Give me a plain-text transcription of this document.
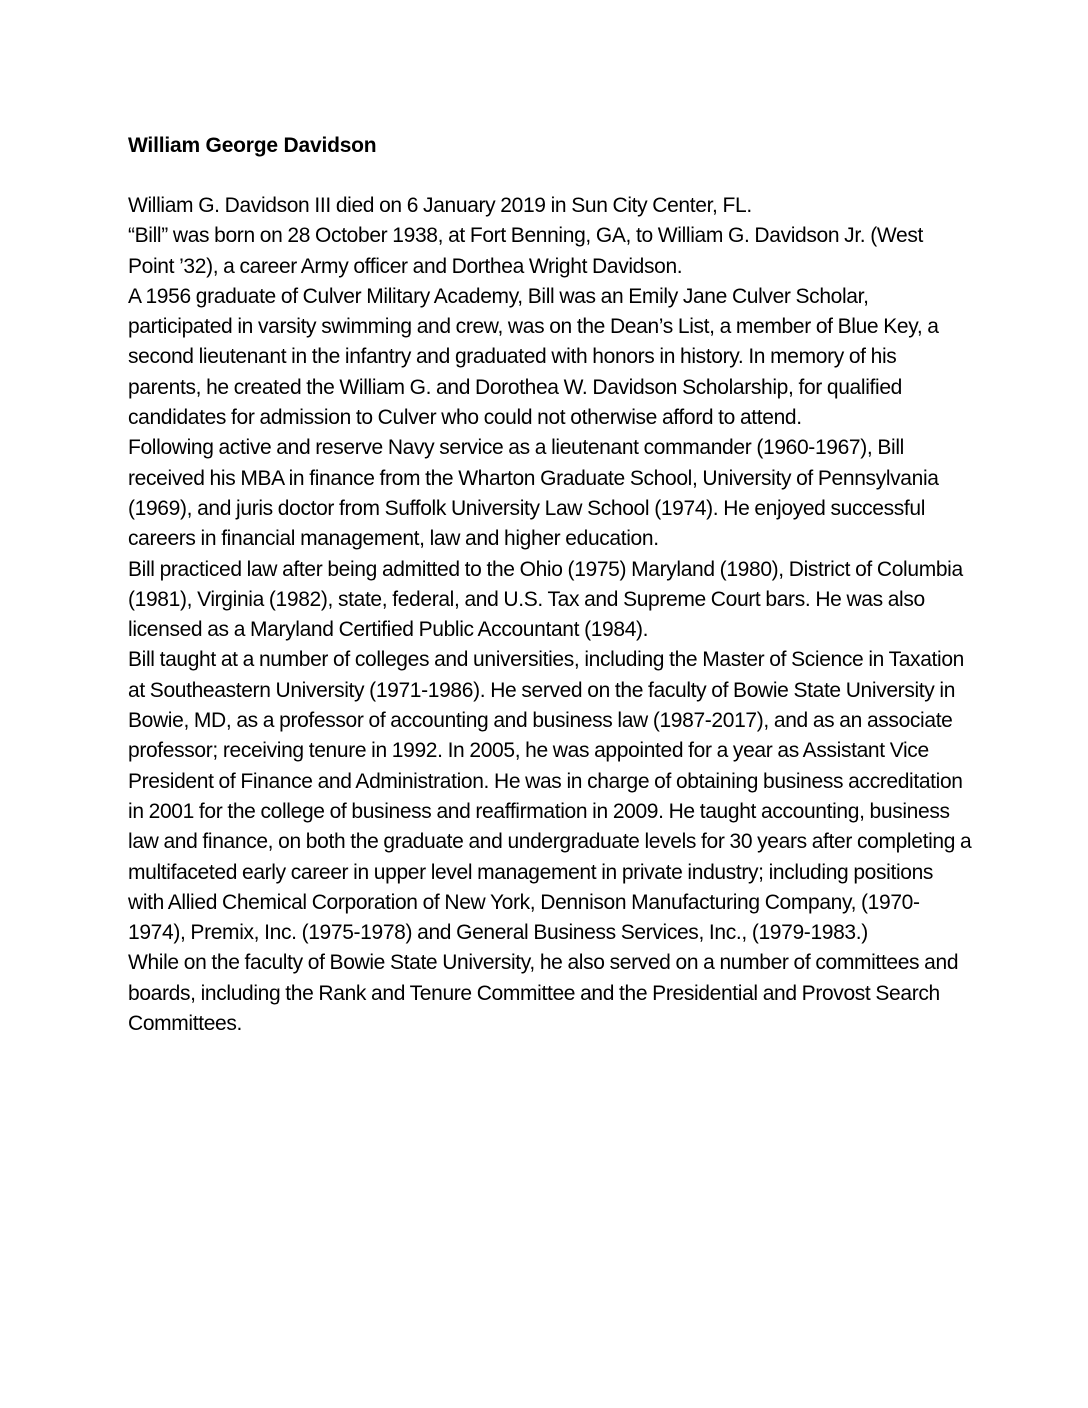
William George Davidson

William G. Davidson III died on 6 January 2019 in Sun City Center, FL.

“Bill” was born on 28 October 1938, at Fort Benning, GA, to William G. Davidson Jr. (West Point ’32), a career Army officer and Dorthea Wright Davidson.

A 1956 graduate of Culver Military Academy, Bill was an Emily Jane Culver Scholar, participated in varsity swimming and crew, was on the Dean’s List, a member of Blue Key, a second lieutenant in the infantry and graduated with honors in history. In memory of his parents, he created the William G. and Dorothea W. Davidson Scholarship, for qualified candidates for admission to Culver who could not otherwise afford to attend.

Following active and reserve Navy service as a lieutenant commander (1960-1967), Bill received his MBA in finance from the Wharton Graduate School, University of Pennsylvania (1969), and juris doctor from Suffolk University Law School (1974). He enjoyed successful careers in financial management, law and higher education.

Bill practiced law after being admitted to the Ohio (1975) Maryland (1980), District of Columbia (1981), Virginia (1982), state, federal, and U.S. Tax and Supreme Court bars. He was also licensed as a Maryland Certified Public Accountant (1984).

Bill taught at a number of colleges and universities, including the Master of Science in Taxation at Southeastern University (1971-1986). He served on the faculty of Bowie State University in Bowie, MD, as a professor of accounting and business law (1987-2017), and as an associate professor; receiving tenure in 1992. In 2005, he was appointed for a year as Assistant Vice President of Finance and Administration. He was in charge of obtaining business accreditation in 2001 for the college of business and reaffirmation in 2009. He taught accounting, business law and finance, on both the graduate and undergraduate levels for 30 years after completing a multifaceted early career in upper level management in private industry; including positions with Allied Chemical Corporation of New York, Dennison Manufacturing Company, (1970-1974), Premix, Inc. (1975-1978) and General Business Services, Inc., (1979-1983.)

While on the faculty of Bowie State University, he also served on a number of committees and boards, including the Rank and Tenure Committee and the Presidential and Provost Search Committees.
